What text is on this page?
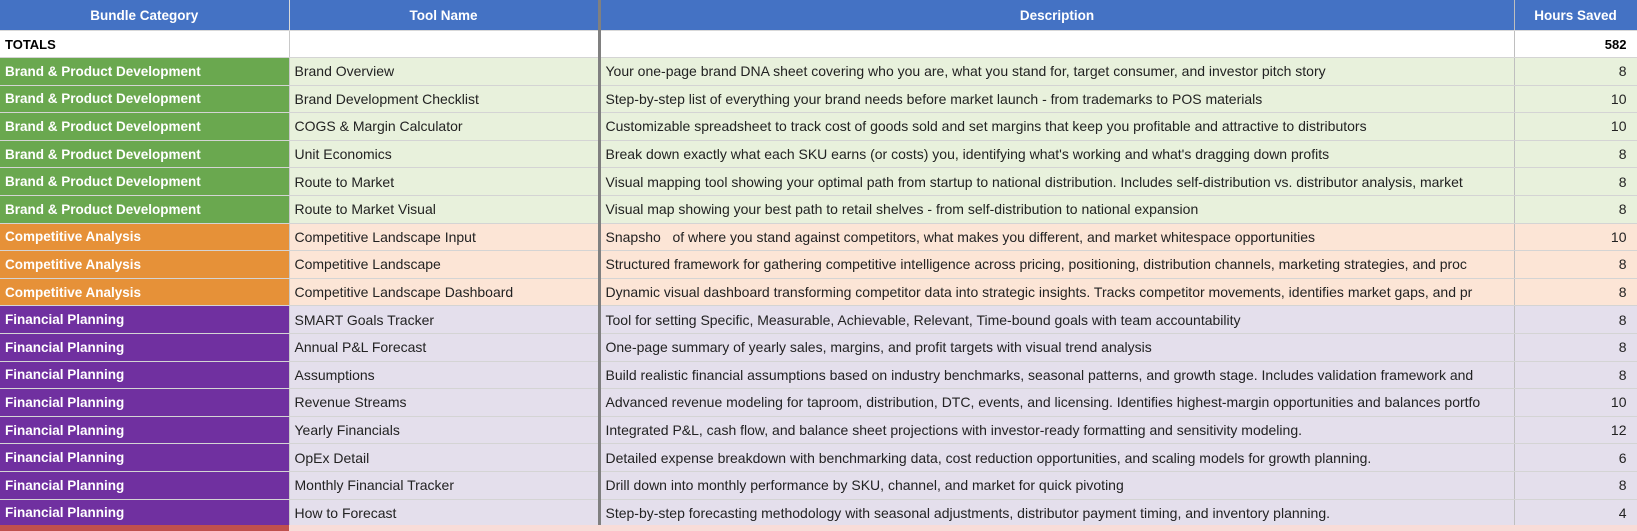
Bundle Category	Tool Name	Description	Hours Saved
TOTALS			582
Brand & Product Development	Brand Overview	Your one-page brand DNA sheet covering who you are, what you stand for, target consumer, and investor pitch story	8
Brand & Product Development	Brand Development Checklist	Step-by-step list of everything your brand needs before market launch - from trademarks to POS materials	10
Brand & Product Development	COGS & Margin Calculator	Customizable spreadsheet to track cost of goods sold and set margins that keep you profitable and attractive to distributors	10
Brand & Product Development	Unit Economics	Break down exactly what each SKU earns (or costs) you, identifying what's working and what's dragging down profits	8
Brand & Product Development	Route to Market	Visual mapping tool showing your optimal path from startup to national distribution. Includes self-distribution vs. distributor analysis, market	8
Brand & Product Development	Route to Market Visual	Visual map showing your best path to retail shelves - from self-distribution to national expansion	8
Competitive Analysis	Competitive Landscape Input	Snapsho   of where you stand against competitors, what makes you different, and market whitespace opportunities	10
Competitive Analysis	Competitive Landscape	Structured framework for gathering competitive intelligence across pricing, positioning, distribution channels, marketing strategies, and proc	8
Competitive Analysis	Competitive Landscape Dashboard	Dynamic visual dashboard transforming competitor data into strategic insights. Tracks competitor movements, identifies market gaps, and pr	8
Financial Planning	SMART Goals Tracker	Tool for setting Specific, Measurable, Achievable, Relevant, Time-bound goals with team accountability	8
Financial Planning	Annual P&L Forecast	One-page summary of yearly sales, margins, and profit targets with visual trend analysis	8
Financial Planning	Assumptions	Build realistic financial assumptions based on industry benchmarks, seasonal patterns, and growth stage. Includes validation framework and	8
Financial Planning	Revenue Streams	Advanced revenue modeling for taproom, distribution, DTC, events, and licensing. Identifies highest-margin opportunities and balances portfo	10
Financial Planning	Yearly Financials	Integrated P&L, cash flow, and balance sheet projections with investor-ready formatting and sensitivity modeling.	12
Financial Planning	OpEx Detail	Detailed expense breakdown with benchmarking data, cost reduction opportunities, and scaling models for growth planning.	6
Financial Planning	Monthly Financial Tracker	Drill down into monthly performance by SKU, channel, and market for quick pivoting	8
Financial Planning	How to Forecast	Step-by-step forecasting methodology with seasonal adjustments, distributor payment timing, and inventory planning.	4
